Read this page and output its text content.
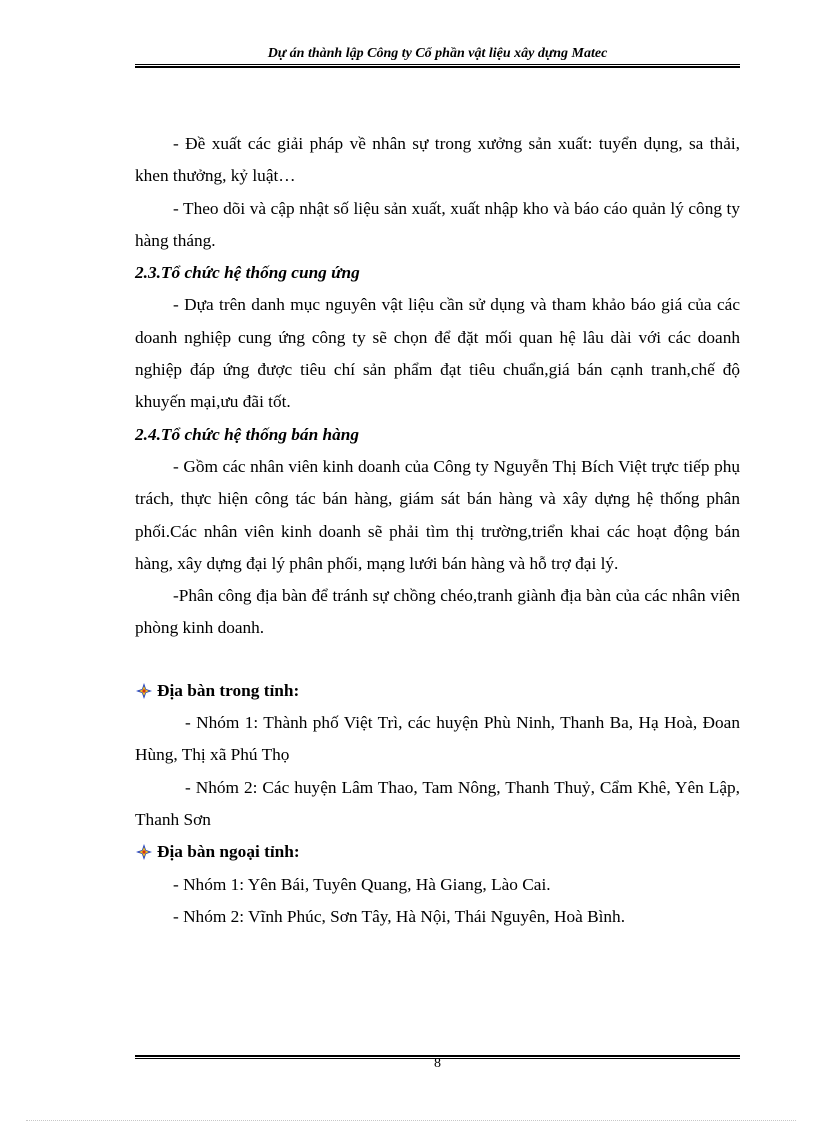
Dự án thành lập Công ty Cổ phần vật liệu xây dựng Matec

- Đề xuất các giải pháp về nhân sự trong xưởng sản xuất: tuyển dụng, sa thải, khen thưởng, kỷ luật…

- Theo dõi và cập nhật số liệu sản xuất, xuất nhập kho và báo cáo quản lý công ty hàng tháng.

2.3.Tổ chức hệ thống cung ứng

- Dựa trên danh mục nguyên vật liệu cần sử dụng và tham khảo báo giá của các doanh nghiệp cung ứng công ty sẽ chọn để đặt mối quan hệ lâu dài với các doanh nghiệp đáp ứng được tiêu chí sản phẩm đạt tiêu chuẩn,giá bán cạnh tranh,chế độ khuyến mại,ưu đãi tốt.

2.4.Tổ chức hệ thống bán hàng

- Gồm các nhân viên kinh doanh của Công ty Nguyễn Thị Bích Việt trực tiếp phụ trách, thực hiện công tác bán hàng, giám sát bán hàng và xây dựng hệ thống phân phối.Các nhân viên kinh doanh sẽ phải tìm thị trường,triển khai các hoạt động bán hàng, xây dựng đại lý phân phối, mạng lưới bán hàng và hỗ trợ đại lý.

-Phân công địa bàn để tránh sự chồng chéo,tranh giành địa bàn của các nhân viên phòng kinh doanh.

Địa bàn trong tỉnh:

- Nhóm 1: Thành phố Việt Trì, các huyện Phù Ninh, Thanh Ba, Hạ Hoà, Đoan Hùng, Thị xã Phú Thọ

- Nhóm 2: Các huyện Lâm Thao, Tam Nông, Thanh Thuỷ, Cẩm Khê, Yên Lập, Thanh Sơn

Địa bàn ngoại tỉnh:

- Nhóm 1: Yên Bái, Tuyên Quang, Hà Giang, Lào Cai.

- Nhóm 2: Vĩnh Phúc, Sơn Tây, Hà Nội, Thái Nguyên, Hoà Bình.

8
